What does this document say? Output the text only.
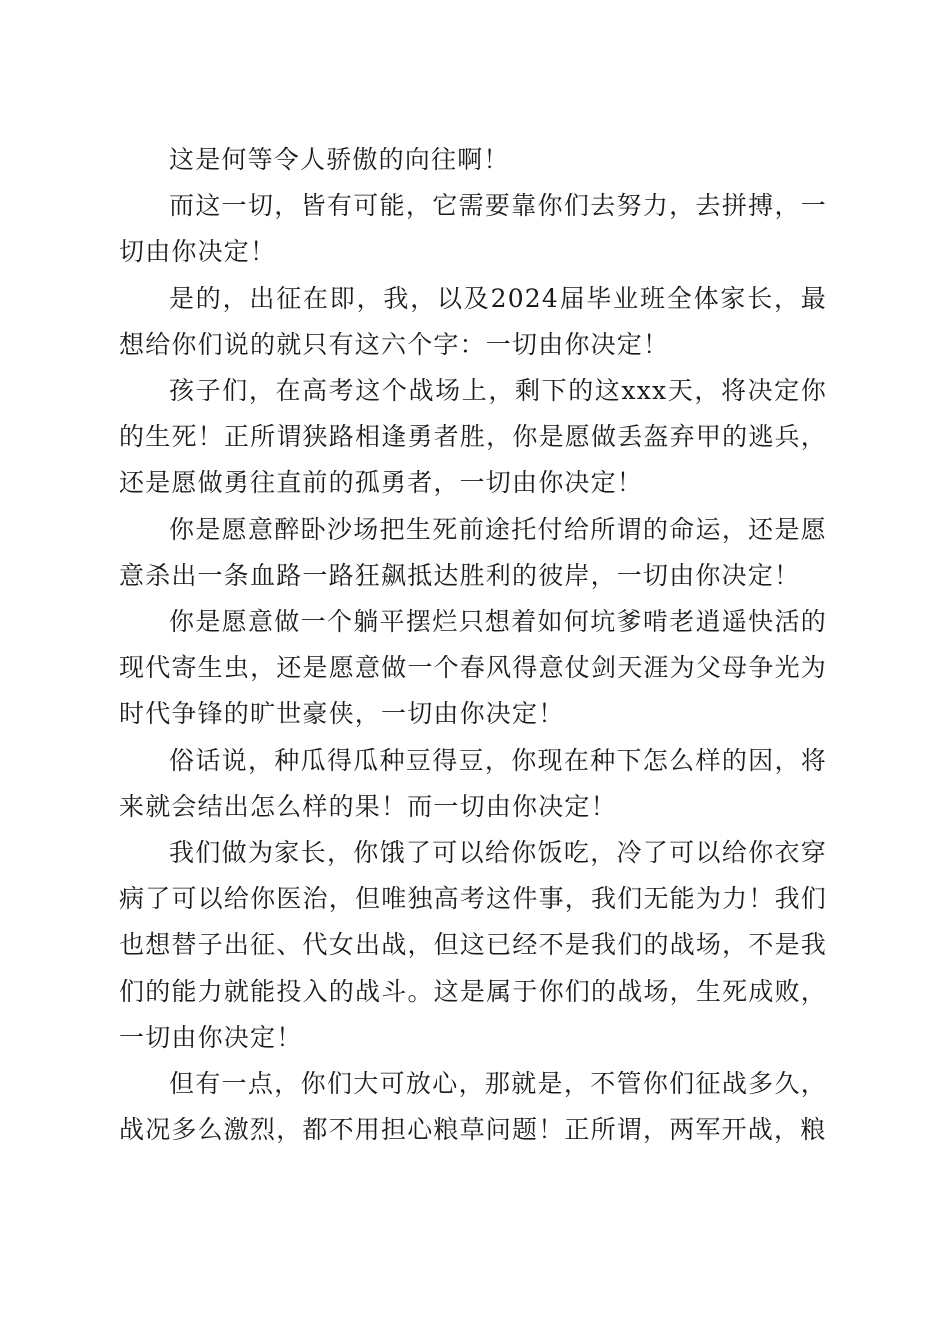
这是何等令人骄傲的向往啊！

而这一切，皆有可能，它需要靠你们去努力，去拼搏，一切由你决定！

是的，出征在即，我，以及2024届毕业班全体家长，最想给你们说的就只有这六个字：一切由你决定！

孩子们，在高考这个战场上，剩下的这xxx天，将决定你的生死！正所谓狭路相逢勇者胜，你是愿做丢盔弃甲的逃兵，还是愿做勇往直前的孤勇者，一切由你决定！

你是愿意醉卧沙场把生死前途托付给所谓的命运，还是愿意杀出一条血路一路狂飙抵达胜利的彼岸，一切由你决定！

你是愿意做一个躺平摆烂只想着如何坑爹啃老逍遥快活的现代寄生虫，还是愿意做一个春风得意仗剑天涯为父母争光为时代争锋的旷世豪侠，一切由你决定！

俗话说，种瓜得瓜种豆得豆，你现在种下怎么样的因，将来就会结出怎么样的果！而一切由你决定！

我们做为家长，你饿了可以给你饭吃，冷了可以给你衣穿病了可以给你医治，但唯独高考这件事，我们无能为力！我们也想替子出征、代女出战，但这已经不是我们的战场，不是我们的能力就能投入的战斗。这是属于你们的战场，生死成败，一切由你决定！

但有一点，你们大可放心，那就是，不管你们征战多久，战况多么激烈，都不用担心粮草问题！正所谓，两军开战，粮
